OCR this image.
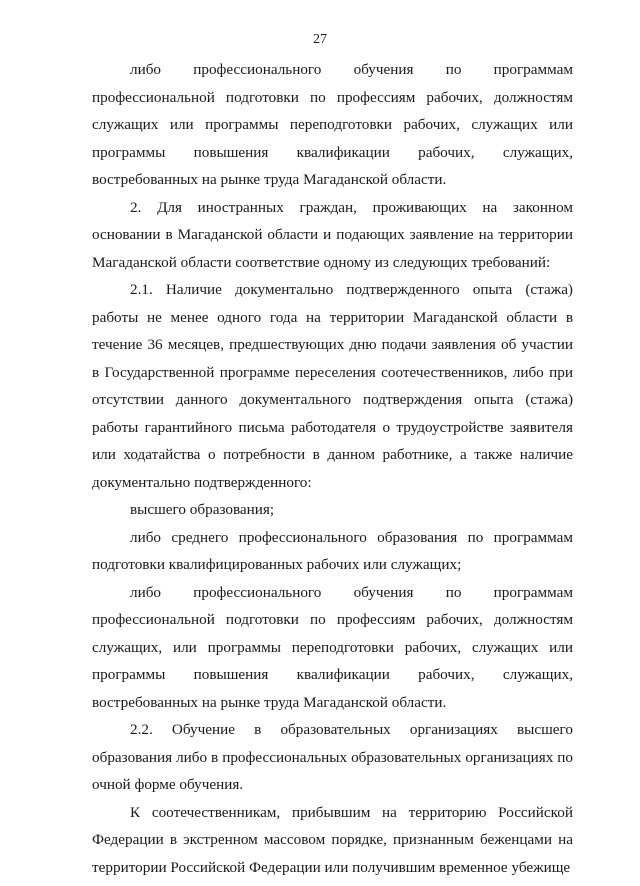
27

либо профессионального обучения по программам профессиональной подготовки по профессиям рабочих, должностям служащих или программы переподготовки рабочих, служащих или программы повышения квалификации рабочих, служащих, востребованных на рынке труда Магаданской области.

2. Для иностранных граждан, проживающих на законном основании в Магаданской области и подающих заявление на территории Магаданской области соответствие одному из следующих требований:

2.1. Наличие документально подтвержденного опыта (стажа) работы не менее одного года на территории Магаданской области в течение 36 месяцев, предшествующих дню подачи заявления об участии в Государственной программе переселения соотечественников, либо при отсутствии данного документального подтверждения опыта (стажа) работы гарантийного письма работодателя о трудоустройстве заявителя или ходатайства о потребности в данном работнике, а также наличие документально подтвержденного:

высшего образования;

либо среднего профессионального образования по программам подготовки квалифицированных рабочих или служащих;

либо профессионального обучения по программам профессиональной подготовки по профессиям рабочих, должностям служащих, или программы переподготовки рабочих, служащих или программы повышения квалификации рабочих, служащих, востребованных на рынке труда Магаданской области.

2.2. Обучение в образовательных организациях высшего образования либо в профессиональных образовательных организациях по очной форме обучения.

К соотечественникам, прибывшим на территорию Российской Федерации в экстренном массовом порядке, признанным беженцами на территории Российской Федерации или получившим временное убежище
